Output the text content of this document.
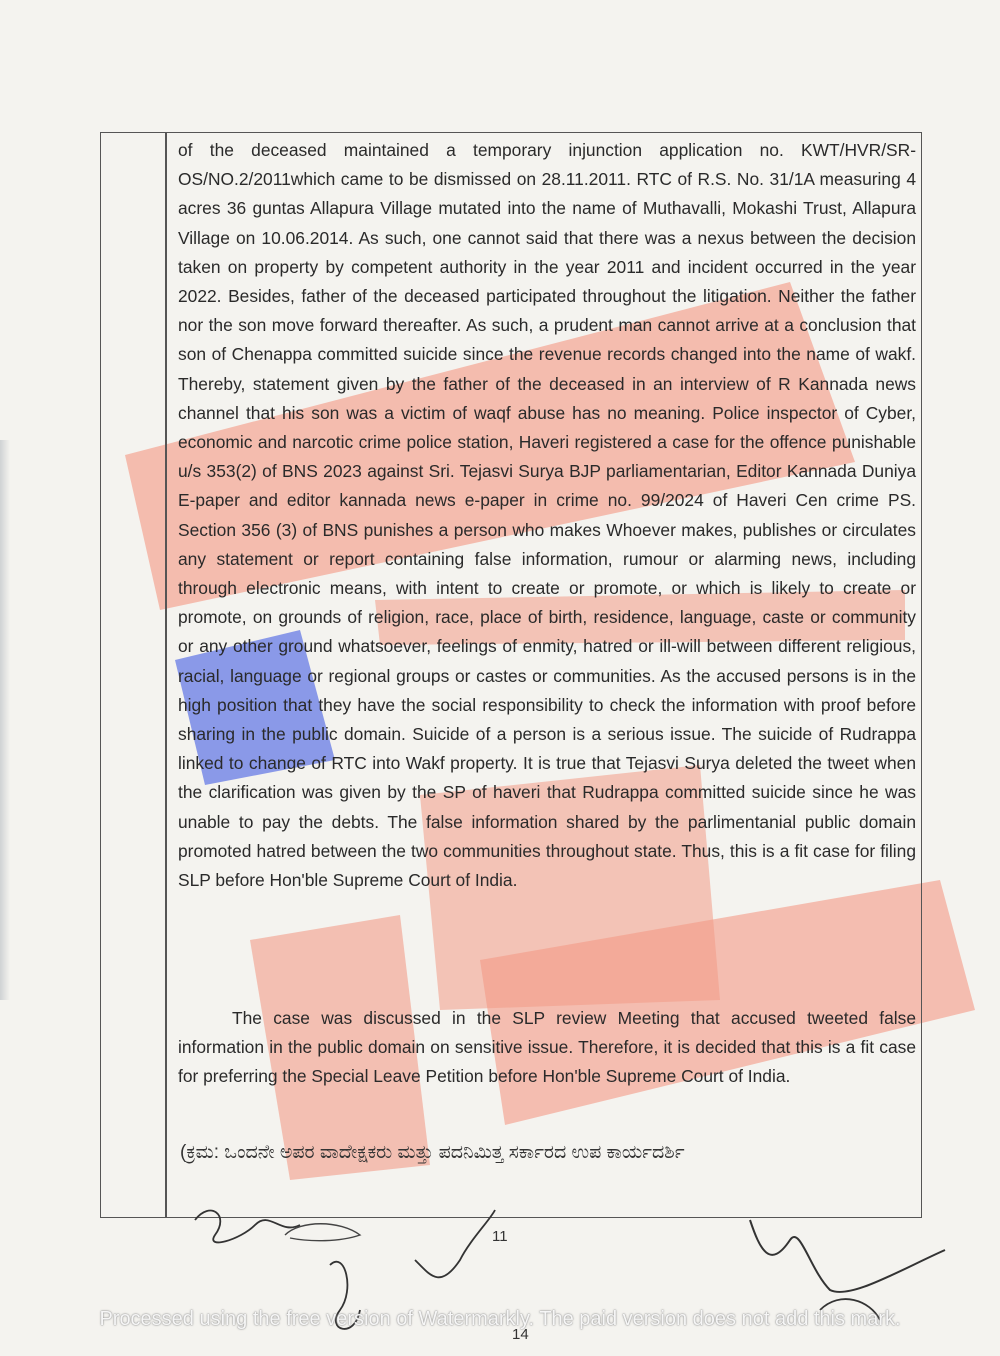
of the deceased maintained a temporary injunction application no. KWT/HVR/SR-OS/NO.2/2011which came to be dismissed on 28.11.2011. RTC of R.S. No. 31/1A measuring 4 acres 36 guntas Allapura Village mutated into the name of Muthavalli, Mokashi Trust, Allapura Village on 10.06.2014. As such, one cannot said that there was a nexus between the decision taken on property by competent authority in the year 2011 and incident occurred in the year 2022. Besides, father of the deceased participated throughout the litigation. Neither the father nor the son move forward thereafter. As such, a prudent man cannot arrive at a conclusion that son of Chenappa committed suicide since the revenue records changed into the name of wakf. Thereby, statement given by the father of the deceased in an interview of R Kannada news channel that his son was a victim of waqf abuse has no meaning. Police inspector of Cyber, economic and narcotic crime police station, Haveri registered a case for the offence punishable u/s 353(2) of BNS 2023 against Sri. Tejasvi Surya BJP parliamentarian, Editor Kannada Duniya E-paper and editor kannada news e-paper in crime no. 99/2024 of Haveri Cen crime PS. Section 356 (3) of BNS punishes a person who makes Whoever makes, publishes or circulates any statement or report containing false information, rumour or alarming news, including through electronic means, with intent to create or promote, or which is likely to create or promote, on grounds of religion, race, place of birth, residence, language, caste or community or any other ground whatsoever, feelings of enmity, hatred or ill-will between different religious, racial, language or regional groups or castes or communities. As the accused persons is in the high position that they have the social responsibility to check the information with proof before sharing in the public domain. Suicide of a person is a serious issue. The suicide of Rudrappa linked to change of RTC into Wakf property. It is true that Tejasvi Surya deleted the tweet when the clarification was given by the SP of haveri that Rudrappa committed suicide since he was unable to pay the debts. The false information shared by the parlimentanial public domain promoted hatred between the two communities throughout state. Thus, this is a fit case for filing SLP before Hon'ble Supreme Court of India.

The case was discussed in the SLP review Meeting that accused tweeted false information in the public domain on sensitive issue. Therefore, it is decided that this is a fit case for preferring the Special Leave Petition before Hon'ble Supreme Court of India.

(ಕ್ರಮ: ಒಂದನೇ ಅಪರ ವಾದೇಕ್ಷಕರು ಮತ್ತು ಪದನಿಮಿತ್ತ ಸರ್ಕಾರದ ಉಪ ಕಾರ್ಯದರ್ಶಿ

11
14

Processed using the free version of Watermarkly. The paid version does not add this mark.
